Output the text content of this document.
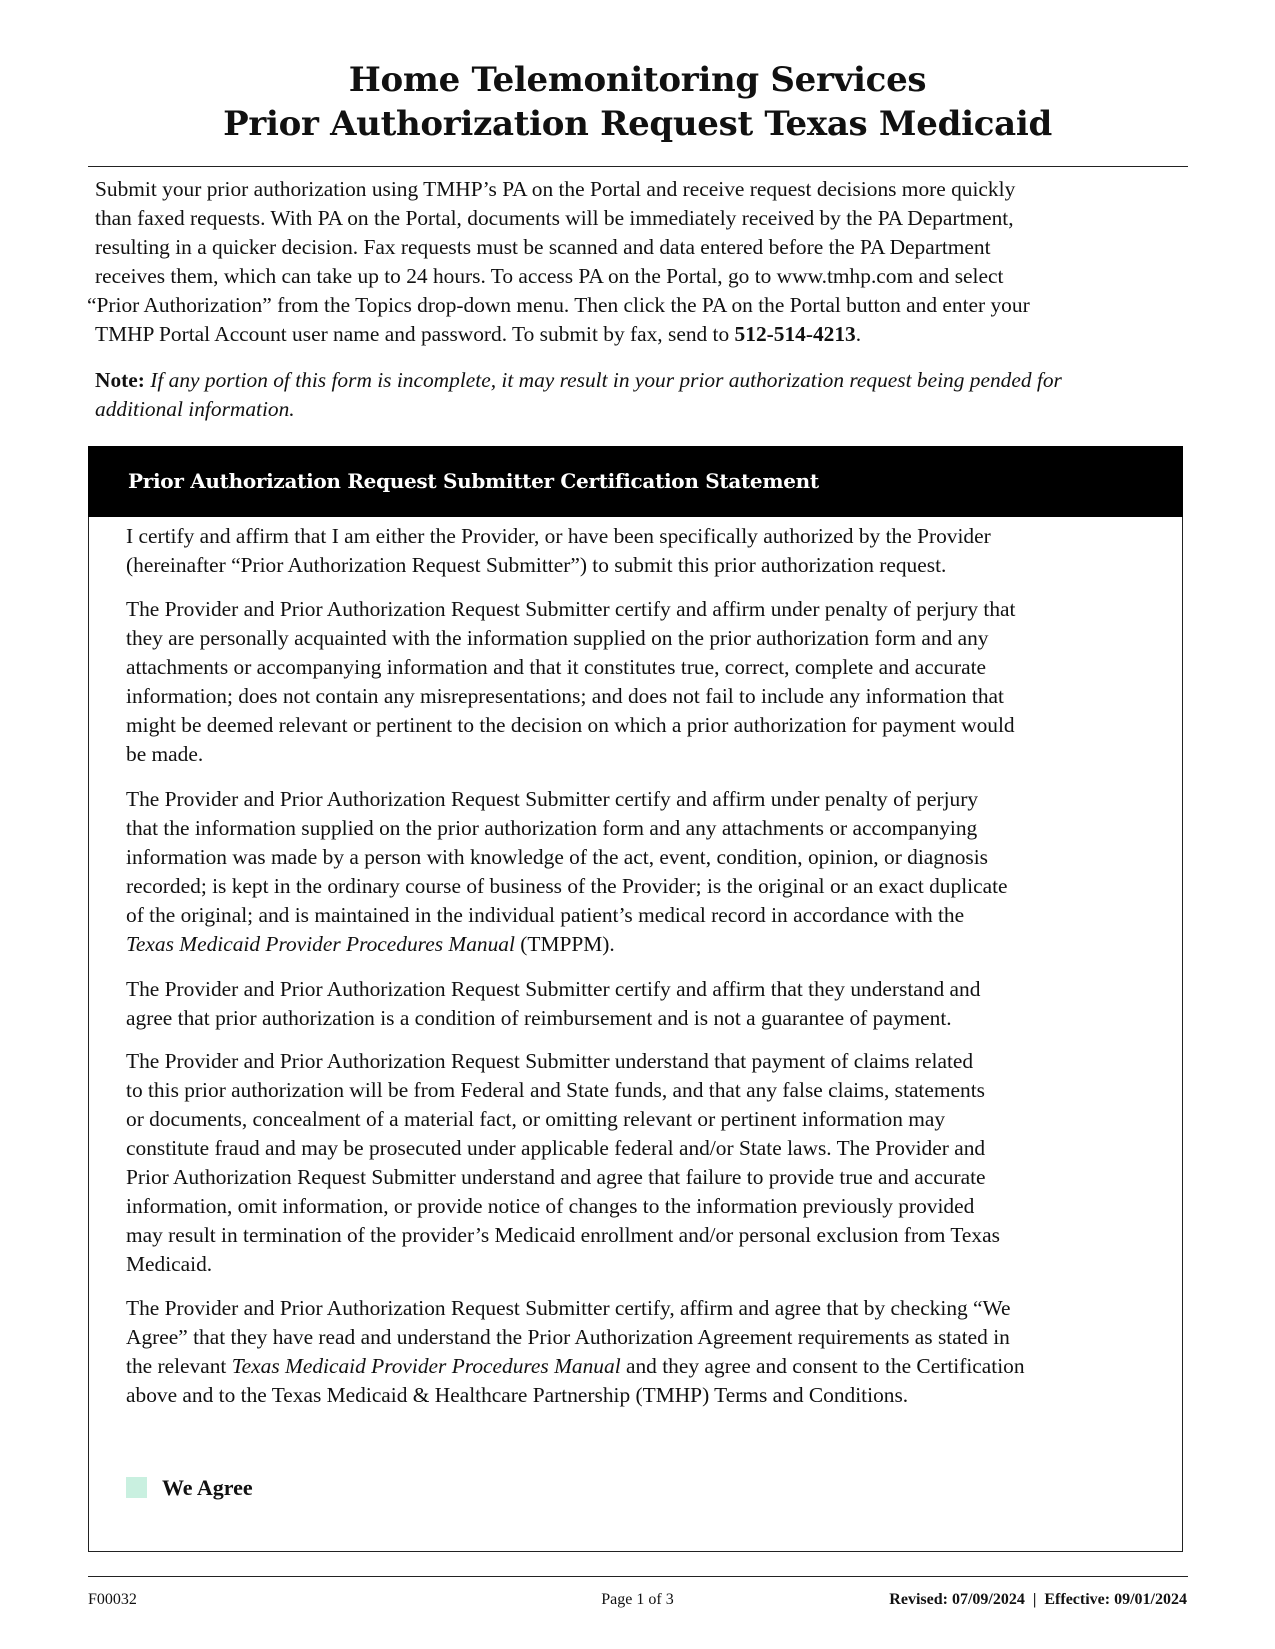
Home Telemonitoring Services
Prior Authorization Request Texas Medicaid
Submit your prior authorization using TMHP’s PA on the Portal and receive request decisions more quickly
than faxed requests. With PA on the Portal, documents will be immediately received by the PA Department,
resulting in a quicker decision. Fax requests must be scanned and data entered before the PA Department
receives them, which can take up to 24 hours. To access PA on the Portal, go to www.tmhp.com and select
“Prior Authorization” from the Topics drop-down menu. Then click the PA on the Portal button and enter your
TMHP Portal Account user name and password. To submit by fax, send to 512-514-4213.
Note: If any portion of this form is incomplete, it may result in your prior authorization request being pended for
additional information.
Prior Authorization Request Submitter Certification Statement
I certify and affirm that I am either the Provider, or have been specifically authorized by the Provider
(hereinafter “Prior Authorization Request Submitter”) to submit this prior authorization request.
The Provider and Prior Authorization Request Submitter certify and affirm under penalty of perjury that
they are personally acquainted with the information supplied on the prior authorization form and any
attachments or accompanying information and that it constitutes true, correct, complete and accurate
information; does not contain any misrepresentations; and does not fail to include any information that
might be deemed relevant or pertinent to the decision on which a prior authorization for payment would
be made.
The Provider and Prior Authorization Request Submitter certify and affirm under penalty of perjury
that the information supplied on the prior authorization form and any attachments or accompanying
information was made by a person with knowledge of the act, event, condition, opinion, or diagnosis
recorded; is kept in the ordinary course of business of the Provider; is the original or an exact duplicate
of the original; and is maintained in the individual patient’s medical record in accordance with the
Texas Medicaid Provider Procedures Manual (TMPPM).
The Provider and Prior Authorization Request Submitter certify and affirm that they understand and
agree that prior authorization is a condition of reimbursement and is not a guarantee of payment.
The Provider and Prior Authorization Request Submitter understand that payment of claims related
to this prior authorization will be from Federal and State funds, and that any false claims, statements
or documents, concealment of a material fact, or omitting relevant or pertinent information may
constitute fraud and may be prosecuted under applicable federal and/or State laws. The Provider and
Prior Authorization Request Submitter understand and agree that failure to provide true and accurate
information, omit information, or provide notice of changes to the information previously provided
may result in termination of the provider’s Medicaid enrollment and/or personal exclusion from Texas
Medicaid.
The Provider and Prior Authorization Request Submitter certify, affirm and agree that by checking “We
Agree” that they have read and understand the Prior Authorization Agreement requirements as stated in
the relevant Texas Medicaid Provider Procedures Manual and they agree and consent to the Certification
above and to the Texas Medicaid & Healthcare Partnership (TMHP) Terms and Conditions.
We Agree
F00032	Page 1 of 3	Revised: 07/09/2024 | Effective: 09/01/2024
